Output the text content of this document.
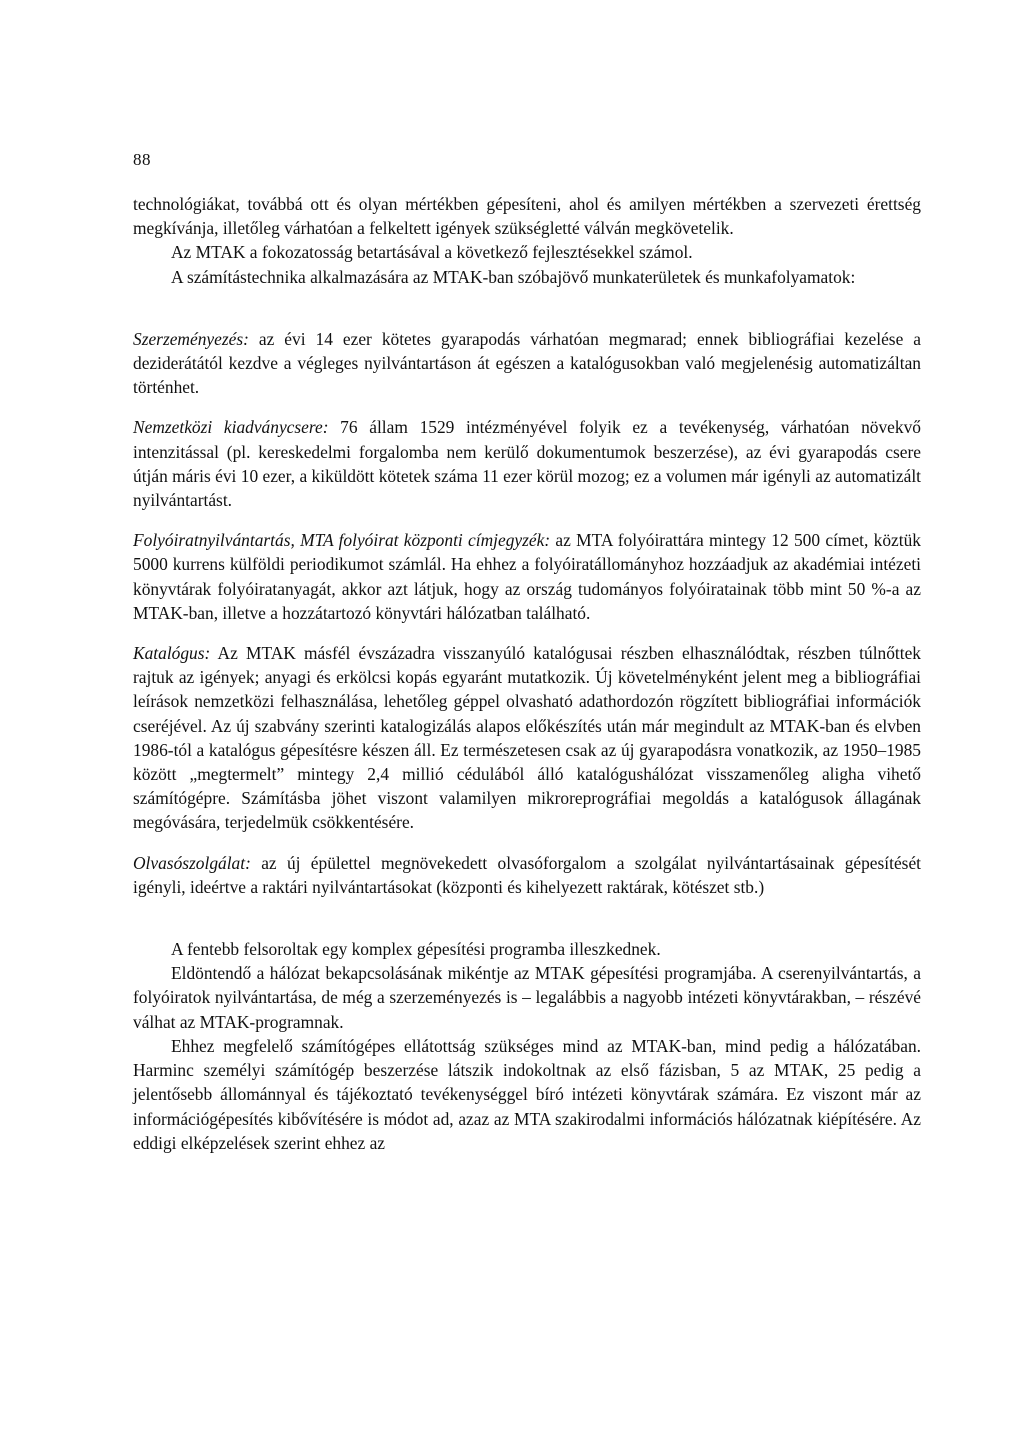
88

technológiákat, továbbá ott és olyan mértékben gépesíteni, ahol és amilyen mértékben a szervezeti érettség megkívánja, illetőleg várhatóan a felkeltett igények szükségletté válván megkövetelik.

Az MTAK a fokozatosság betartásával a következő fejlesztésekkel számol.

A számítástechnika alkalmazására az MTAK-ban szóbajövő munkaterületek és munkafolyamatok:

Szerzeményezés: az évi 14 ezer kötetes gyarapodás várhatóan megmarad; ennek bibliográfiai kezelése a deziderátától kezdve a végleges nyilvántartáson át egészen a katalógusokban való megjelenésig automatizáltan történhet.

Nemzetközi kiadványcsere: 76 állam 1529 intézményével folyik ez a tevékenység, várhatóan növekvő intenzitással (pl. kereskedelmi forgalomba nem kerülő dokumentumok beszerzése), az évi gyarapodás csere útján máris évi 10 ezer, a kiküldött kötetek száma 11 ezer körül mozog; ez a volumen már igényli az automatizált nyilvántartást.

Folyóiratnyilvántartás, MTA folyóirat központi címjegyzék: az MTA folyóirattára mintegy 12 500 címet, köztük 5000 kurrens külföldi periodikumot számlál. Ha ehhez a folyóiratállományhoz hozzáadjuk az akadémiai intézeti könyvtárak folyóiratanyagát, akkor azt látjuk, hogy az ország tudományos folyóiratainak több mint 50 %-a az MTAK-ban, illetve a hozzátartozó könyvtári hálózatban található.

Katalógus: Az MTAK másfél évszázadra visszanyúló katalógusai részben elhasználódtak, részben túlnőttek rajtuk az igények; anyagi és erkölcsi kopás egyaránt mutatkozik. Új követelményként jelent meg a bibliográfiai leírások nemzetközi felhasználása, lehetőleg géppel olvasható adathordozón rögzített bibliográfiai információk cseréjével. Az új szabvány szerinti katalogizálás alapos előkészítés után már megindult az MTAK-ban és elvben 1986-tól a katalógus gépesítésre készen áll. Ez természetesen csak az új gyarapodásra vonatkozik, az 1950–1985 között „megtermelt” mintegy 2,4 millió cédulából álló katalógushálózat visszamenőleg aligha vihető számítógépre. Számításba jöhet viszont valamilyen mikroreprográfiai megoldás a katalógusok állagának megóvására, terjedelmük csökkentésére.

Olvasószolgálat: az új épülettel megnövekedett olvasóforgalom a szolgálat nyilvántartásainak gépesítését igényli, ideértve a raktári nyilvántartásokat (központi és kihelyezett raktárak, kötészet stb.)

A fentebb felsoroltak egy komplex gépesítési programba illeszkednek.

Eldöntendő a hálózat bekapcsolásának mikéntje az MTAK gépesítési programjába. A cserenyilvántartás, a folyóiratok nyilvántartása, de még a szerzeményezés is – legalábbis a nagyobb intézeti könyvtárakban, – részévé válhat az MTAK-programnak.

Ehhez megfelelő számítógépes ellátottság szükséges mind az MTAK-ban, mind pedig a hálózatában. Harminc személyi számítógép beszerzése látszik indokoltnak az első fázisban, 5 az MTAK, 25 pedig a jelentősebb állománnyal és tájékoztató tevékenységgel bíró intézeti könyvtárak számára. Ez viszont már az információgépesítés kibővítésére is módot ad, azaz az MTA szakirodalmi információs hálózatnak kiépítésére. Az eddigi elképzelések szerint ehhez az
